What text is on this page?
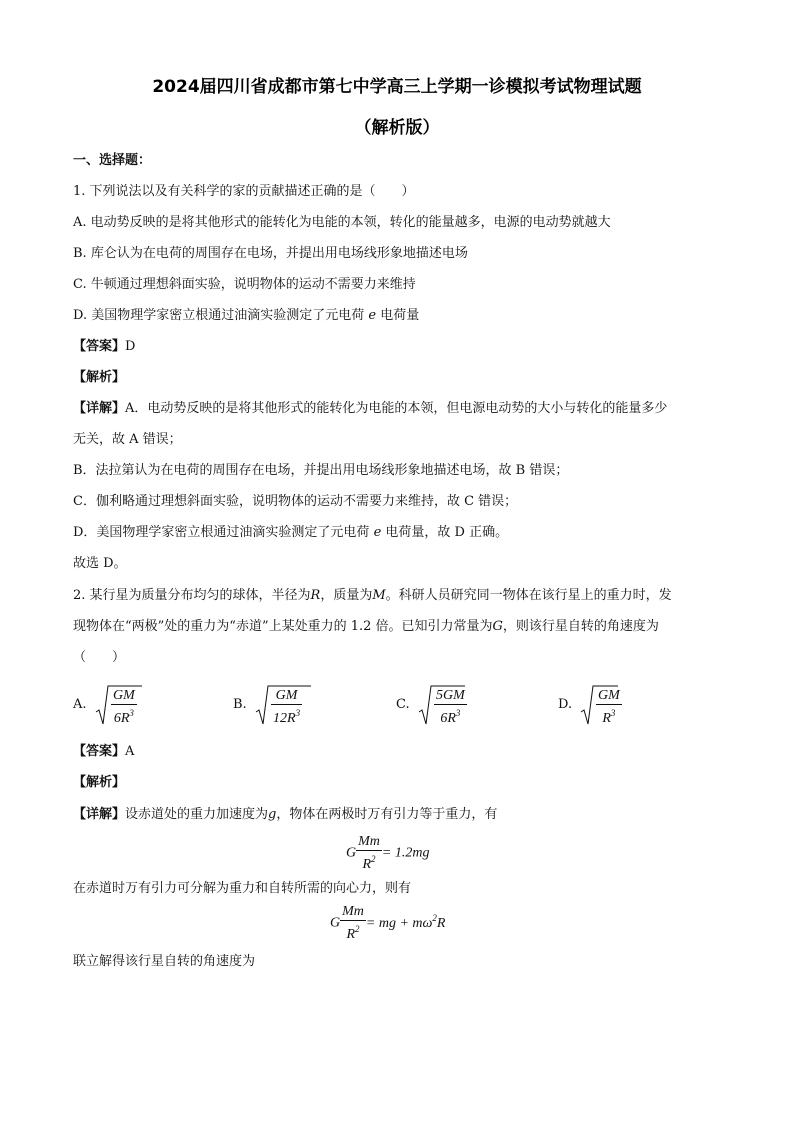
2024届四川省成都市第七中学高三上学期一诊模拟考试物理试题
（解析版）
一、选择题：
1. 下列说法以及有关科学的家的贡献描述正确的是（　　）
A. 电动势反映的是将其他形式的能转化为电能的本领，转化的能量越多，电源的电动势就越大
B. 库仑认为在电荷的周围存在电场，并提出用电场线形象地描述电场
C. 牛顿通过理想斜面实验，说明物体的运动不需要力来维持
D. 美国物理学家密立根通过油滴实验测定了元电荷 e 电荷量
【答案】D
【解析】
【详解】A．电动势反映的是将其他形式的能转化为电能的本领，但电源电动势的大小与转化的能量多少
无关，故 A 错误；
B．法拉第认为在电荷的周围存在电场，并提出用电场线形象地描述电场，故 B 错误；
C．伽利略通过理想斜面实验，说明物体的运动不需要力来维持，故 C 错误；
D．美国物理学家密立根通过油滴实验测定了元电荷 e 电荷量，故 D 正确。
故选 D。
2. 某行星为质量分布均匀的球体，半径为R，质量为M。科研人员研究同一物体在该行星上的重力时，发
现物体在“两极”处的重力为“赤道”上某处重力的 1.2 倍。已知引力常量为G，则该行星自转的角速度为
（　　）
A. $\frac{GM}{6R^3}$	B. $\frac{GM}{12R^3}$	C. $\frac{5GM}{6R^3}$	D. $\frac{GM}{R^3}$
【答案】A
【解析】
【详解】设赤道处的重力加速度为g，物体在两极时万有引力等于重力，有
G $\frac{Mm}{R^2} = 1.2mg$
在赤道时万有引力可分解为重力和自转所需的向心力，则有
G $\frac{Mm}{R^2}$ = mg + $m\omega^2R$
联立解得该行星自转的角速度为
